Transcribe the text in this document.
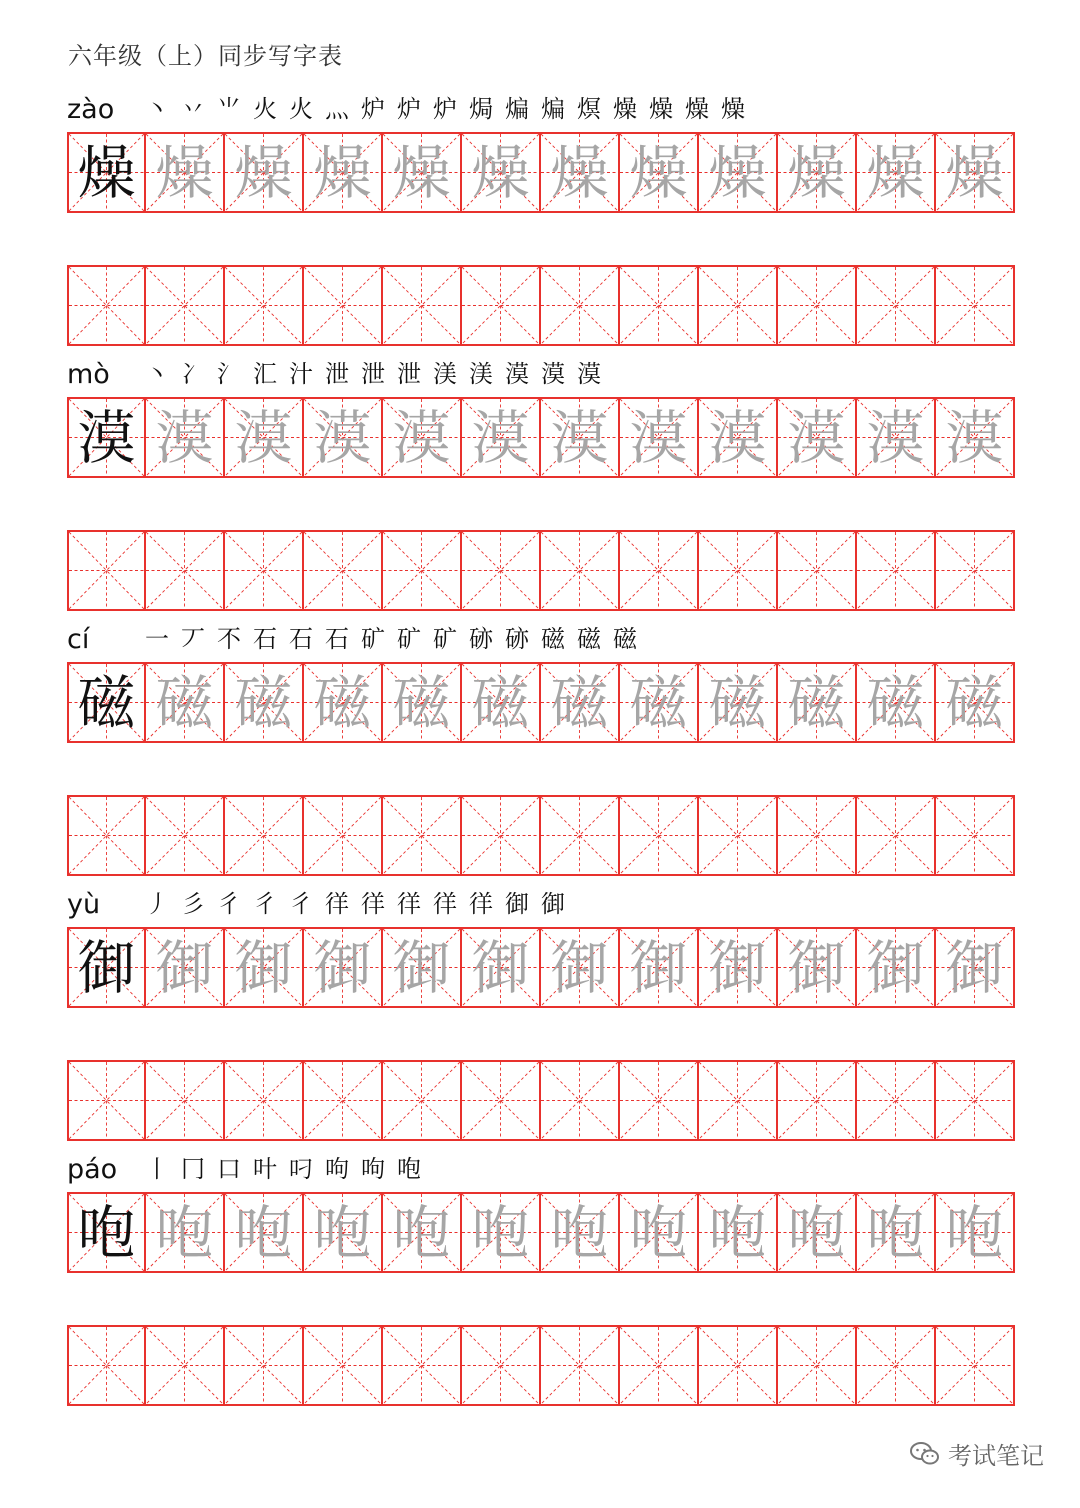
六年级（上）同步写字表
zào 丶 丷 ⺌ 火 火 灬 炉 炉 炉 焗 煸 煸 熐 燥 燥 燥 燥
燥 燥 燥 燥 燥 燥 燥 燥 燥 燥 燥 燥
mò 丶 冫 氵 汇 汁 泄 泄 泄 渼 渼 漠 漠 漠
漠 漠 漠 漠 漠 漠 漠 漠 漠 漠 漠 漠
cí 一 丆 不 石 石 石 矿 矿 矿 硛 硛 磁 磁 磁
磁 磁 磁 磁 磁 磁 磁 磁 磁 磁 磁 磁
yù 丿 彡 彳 彳 彳 徉 徉 徉 徉 徉 御 御
御 御 御 御 御 御 御 御 御 御 御 御
páo 丨 冂 口 叶 叼 呴 呴 咆
咆 咆 咆 咆 咆 咆 咆 咆 咆 咆 咆 咆
考试笔记
